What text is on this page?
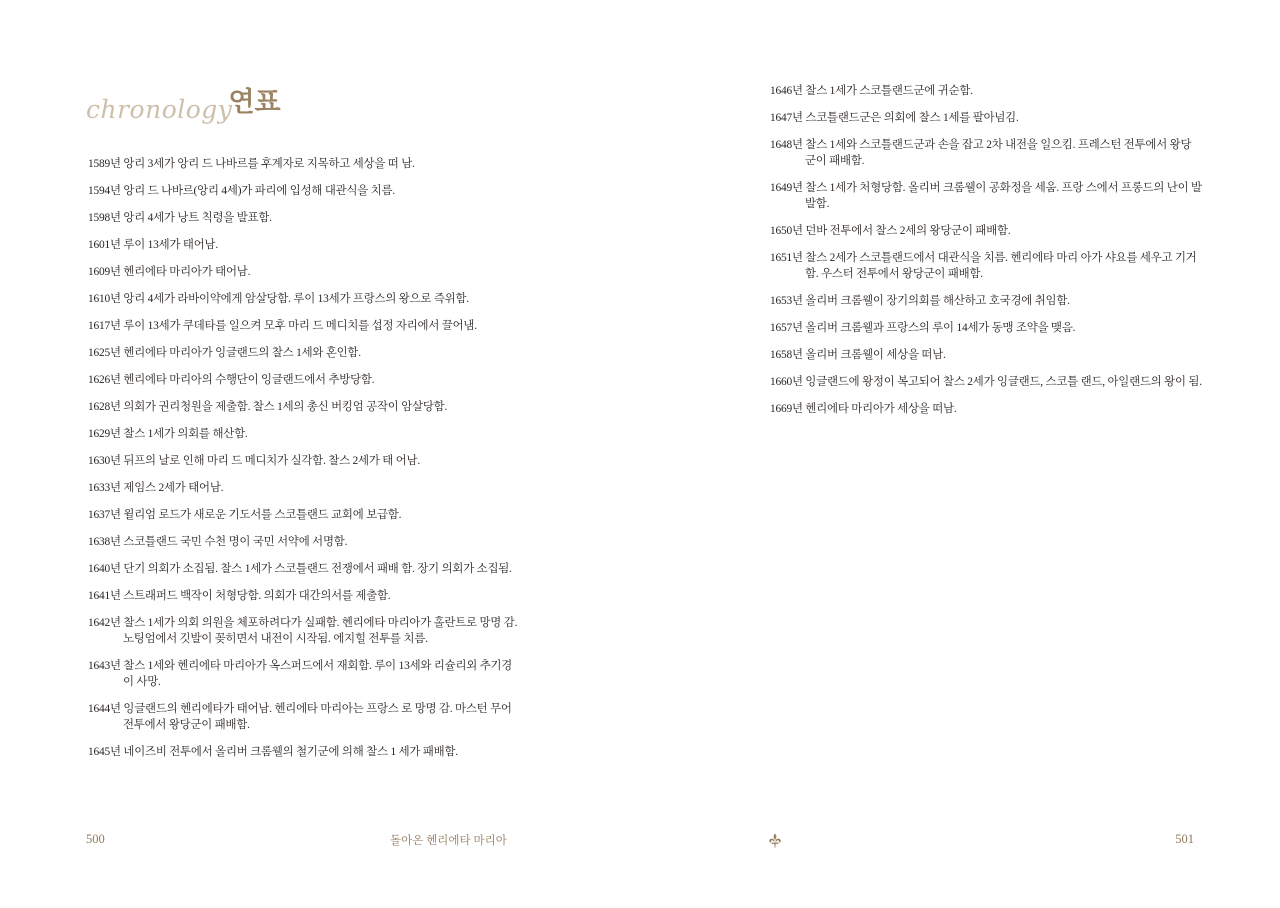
chronology연표
1589년 앙리 3세가 앙리 드 나바르를 후계자로 지목하고 세상을 떠 남.
1594년 앙리 드 나바르(앙리 4세)가 파리에 입성해 대관식을 치름.
1598년 앙리 4세가 낭트 칙령을 발표함.
1601년 루이 13세가 태어남.
1609년 헨리에타 마리아가 태어남.
1610년 앙리 4세가 라바이약에게 암살당함. 루이 13세가 프랑스의 왕으로 즉위함.
1617년 루이 13세가 쿠데타를 일으켜 모후 마리 드 메디치를 섭정 자리에서 끌어냄.
1625년 헨리에타 마리아가 잉글랜드의 찰스 1세와 혼인함.
1626년 헨리에타 마리아의 수행단이 잉글랜드에서 추방당함.
1628년 의회가 권리청원을 제출함. 찰스 1세의 총신 버킹엄 공작이 암살당함.
1629년 찰스 1세가 의회를 해산함.
1630년 뒤프의 날로 인해 마리 드 메디치가 실각함. 찰스 2세가 태 어남.
1633년 제임스 2세가 태어남.
1637년 윌리엄 로드가 새로운 기도서를 스코틀랜드 교회에 보급함.
1638년 스코틀랜드 국민 수천 명이 국민 서약에 서명함.
1640년 단기 의회가 소집됨. 찰스 1세가 스코틀랜드 전쟁에서 패배 함. 장기 의회가 소집됨.
1641년 스트래퍼드 백작이 처형당함. 의회가 대간의서를 제출함.
1642년 찰스 1세가 의회 의원을 체포하려다가 실패함. 헨리에타 마리아가 홀란트로 망명 감. 노팅엄에서 깃발이 꽂히면서 내전이 시작됨. 에지힐 전투를 치름.
1643년 찰스 1세와 헨리에타 마리아가 옥스퍼드에서 재회함. 루이 13세와 리슐리외 추기경이 사망.
1644년 잉글랜드의 헨리에타가 태어남. 헨리에타 마리아는 프랑스 로 망명 감. 마스턴 무어 전투에서 왕당군이 패배함.
1645년 네이즈비 전투에서 올리버 크롬웰의 철기군에 의해 찰스 1 세가 패배함.
500	돌아온 헨리에타 마리아
1646년 찰스 1세가 스코틀랜드군에 귀순함.
1647년 스코틀랜드군은 의회에 찰스 1세를 팔아넘김.
1648년 찰스 1세와 스코틀랜드군과 손을 잡고 2차 내전을 일으킴. 프레스턴 전투에서 왕당군이 패배함.
1649년 찰스 1세가 처형당함. 올리버 크롬웰이 공화정을 세움. 프랑 스에서 프롱드의 난이 발발함.
1650년 던바 전투에서 찰스 2세의 왕당군이 패배함.
1651년 찰스 2세가 스코틀랜드에서 대관식을 치름. 헨리에타 마리 아가 샤요를 세우고 기거함. 우스터 전투에서 왕당군이 패배함.
1653년 올리버 크롬웰이 장기의회를 해산하고 호국경에 취임함.
1657년 올리버 크롬웰과 프랑스의 루이 14세가 동맹 조약을 맺음.
1658년 올리버 크롬웰이 세상을 떠남.
1660년 잉글랜드에 왕정이 복고되어 찰스 2세가 잉글랜드, 스코틀 랜드, 아일랜드의 왕이 됨.
1669년 헨리에타 마리아가 세상을 떠남.
501
